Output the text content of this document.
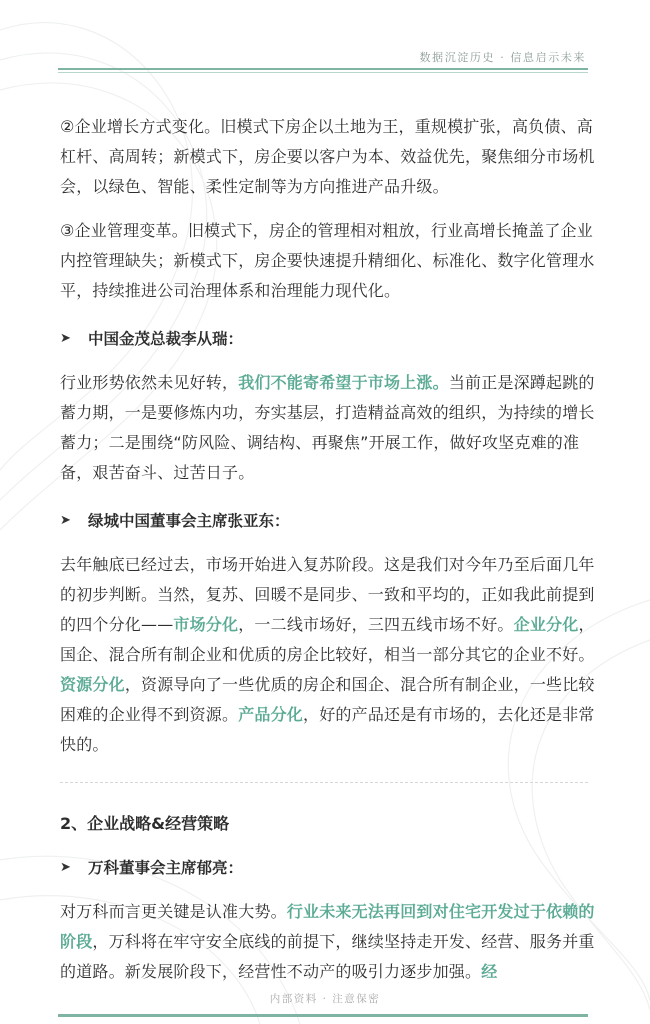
数据沉淀历史 · 信息启示未来

②企业增长方式变化。旧模式下房企以土地为王，重规模扩张，高负债、高杠杆、高周转；新模式下，房企要以客户为本、效益优先，聚焦细分市场机会，以绿色、智能、柔性定制等为方向推进产品升级。

③企业管理变革。旧模式下，房企的管理相对粗放，行业高增长掩盖了企业内控管理缺失；新模式下，房企要快速提升精细化、标准化、数字化管理水平，持续推进公司治理体系和治理能力现代化。

➤	中国金茂总裁李从瑞：

行业形势依然未见好转，我们不能寄希望于市场上涨。当前正是深蹲起跳的蓄力期，一是要修炼内功，夯实基层，打造精益高效的组织，为持续的增长蓄力；二是围绕“防风险、调结构、再聚焦”开展工作，做好攻坚克难的准备，艰苦奋斗、过苦日子。

➤	绿城中国董事会主席张亚东：

去年触底已经过去，市场开始进入复苏阶段。这是我们对今年乃至后面几年的初步判断。当然，复苏、回暖不是同步、一致和平均的，正如我此前提到的四个分化——市场分化，一二线市场好，三四五线市场不好。企业分化，国企、混合所有制企业和优质的房企比较好，相当一部分其它的企业不好。资源分化，资源导向了一些优质的房企和国企、混合所有制企业，一些比较困难的企业得不到资源。产品分化，好的产品还是有市场的，去化还是非常快的。

2、企业战略&经营策略
➤	万科董事会主席郁亮：

对万科而言更关键是认准大势。行业未来无法再回到对住宅开发过于依赖的阶段，万科将在牢守安全底线的前提下，继续坚持走开发、经营、服务并重的道路。新发展阶段下，经营性不动产的吸引力逐步加强。经

内部资料 · 注意保密
